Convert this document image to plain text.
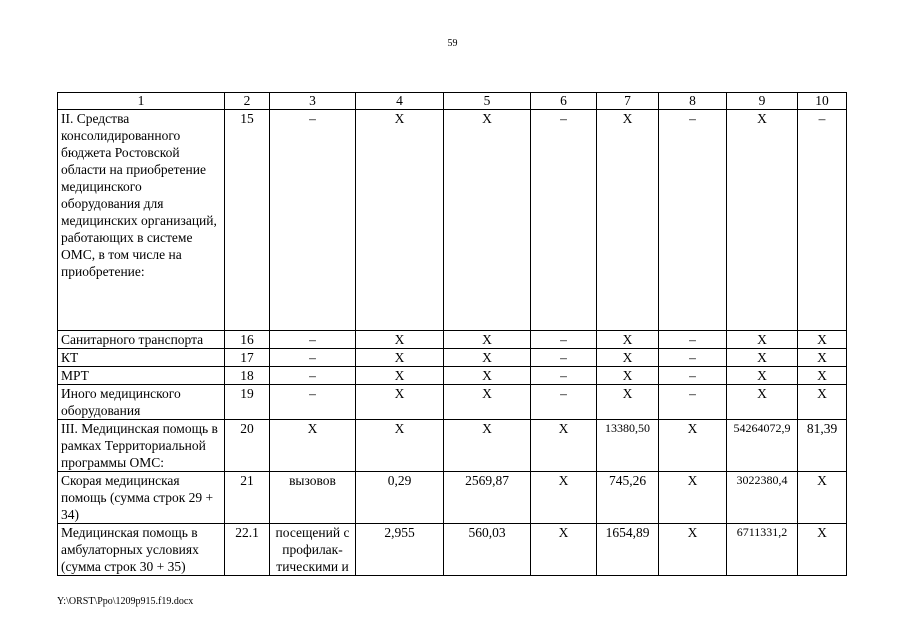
59
1	2	3	4	5	6	7	8	9	10
II. Средства консолидированного бюджета Ростовской области на приобретение медицинского оборудования для медицинских организаций, работающих в системе ОМС, в том числе на приобретение:	15	–	X	X	–	X	–	X	–
Санитарного транспорта	16	–	X	X	–	X	–	X	X
КТ	17	–	X	X	–	X	–	X	X
МРТ	18	–	X	X	–	X	–	X	X
Иного медицинского оборудования	19	–	X	X	–	X	–	X	X
III. Медицинская помощь в рамках Территориальной программы ОМС:	20	X	X	X	X	13380,50	X	54264072,9	81,39
Скорая медицинская помощь (сумма строк 29 + 34)	21	вызовов	0,29	2569,87	X	745,26	X	3022380,4	X
Медицинская помощь в амбулаторных условиях (сумма строк 30 + 35)	22.1	посещений с профилак-тическими и	2,955	560,03	X	1654,89	X	6711331,2	X
Y:\ORST\Ppo\1209p915.f19.docx
